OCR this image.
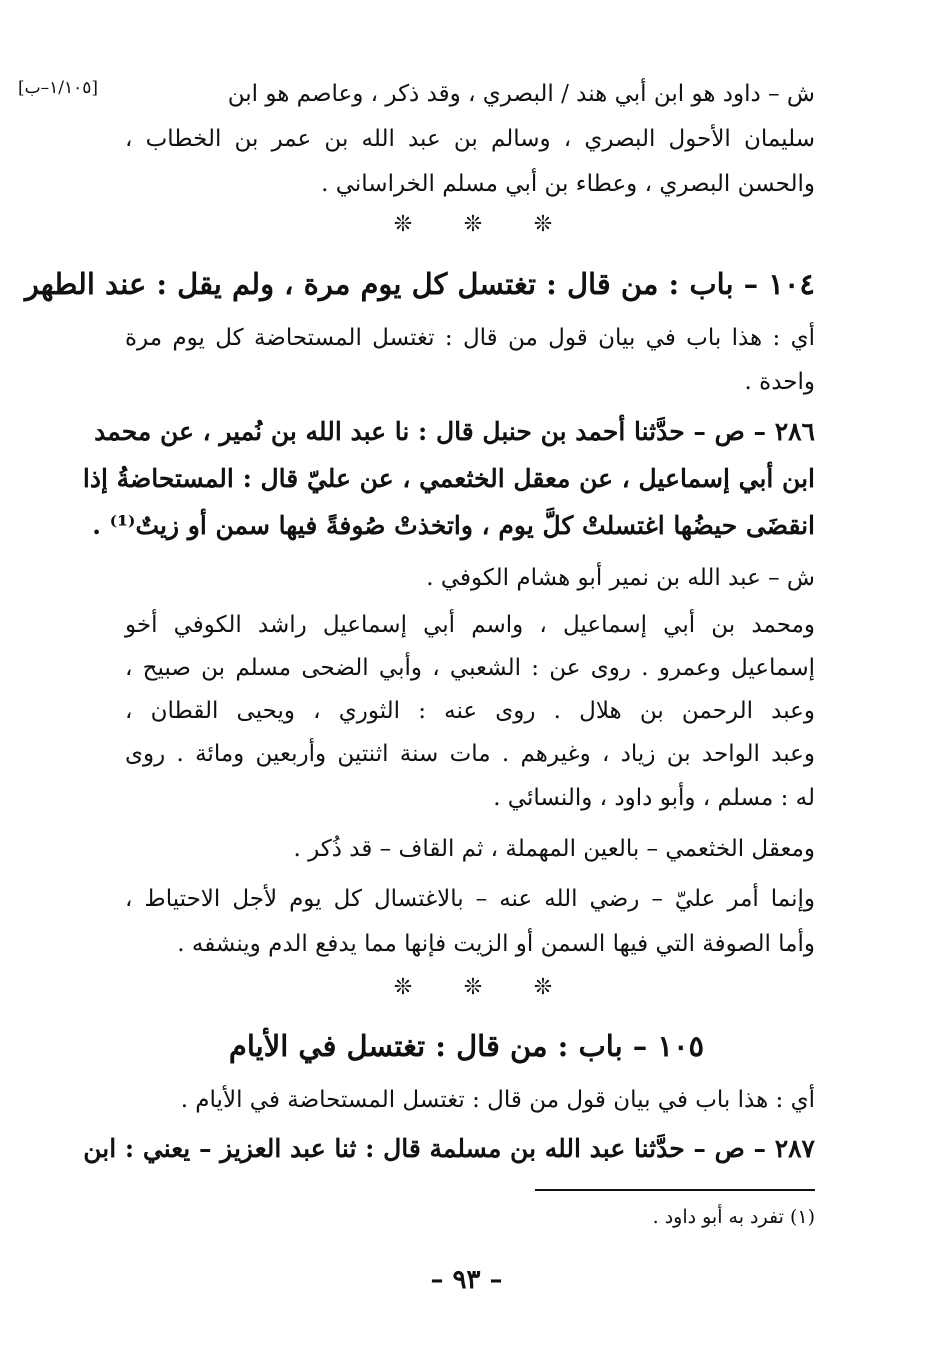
[١/١٠٥–ب]	ش – داود هو ابن أبي هند / البصري ، وقد ذكر ، وعاصم هو ابن
سليمان الأحول البصري ، وسالم بن عبد الله بن عمر بن الخطاب ،
والحسن البصري ، وعطاء بن أبي مسلم الخراساني .
❊ ❊ ❊
١٠٤ – باب : من قال : تغتسل كل يوم مرة ، ولم يقل : عند الطهر
أي : هذا باب في بيان قول من قال : تغتسل المستحاضة كل يوم مرة
واحدة .
٢٨٦ – ص – حدَّثنا أحمد بن حنبل قال : نا عبد الله بن نُمير ، عن محمد
ابن أبي إسماعيل ، عن معقل الخثعمي ، عن عليّ قال : المستحاضةُ إذا
انقضَى حيضُها اغتسلتْ كلَّ يوم ، واتخذتْ صُوفةً فيها سمن أو زيتٌ⁽¹⁾ .
ش – عبد الله بن نمير أبو هشام الكوفي .
ومحمد بن أبي إسماعيل ، واسم أبي إسماعيل راشد الكوفي أخو
إسماعيل وعمرو . روى عن : الشعبي ، وأبي الضحى مسلم بن صبيح ،
وعبد الرحمن بن هلال . روى عنه : الثوري ، ويحيى القطان ،
وعبد الواحد بن زياد ، وغيرهم . مات سنة اثنتين وأربعين ومائة . روى
له : مسلم ، وأبو داود ، والنسائي .
ومعقل الخثعمي – بالعين المهملة ، ثم القاف – قد ذُكر .
وإنما أمر عليّ – رضي الله عنه – بالاغتسال كل يوم لأجل الاحتياط ،
وأما الصوفة التي فيها السمن أو الزيت فإنها مما يدفع الدم وينشفه .
❊ ❊ ❊
١٠٥ – باب : من قال : تغتسل في الأيام
أي : هذا باب في بيان قول من قال : تغتسل المستحاضة في الأيام .
٢٨٧ – ص – حدَّثنا عبد الله بن مسلمة قال : ثنا عبد العزيز – يعني : ابن
(١) تفرد به أبو داود .
– ٩٣ –
